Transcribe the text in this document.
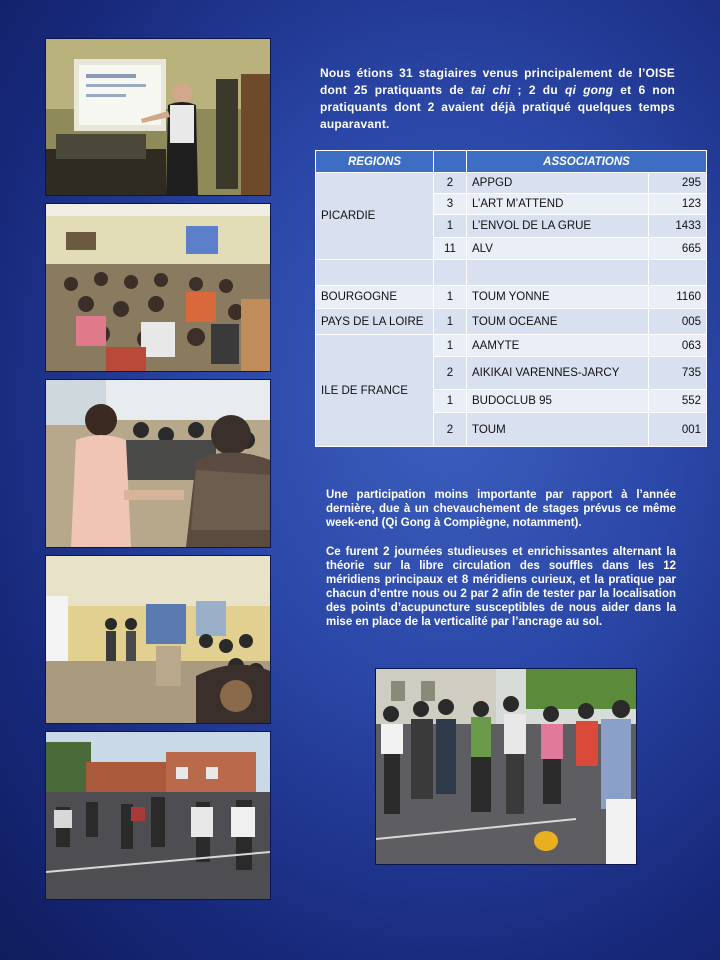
Nous étions 31 stagiaires venus principalement de l’OISE dont 25 pratiquants de tai chi ; 2 du qi gong et 6 non pratiquants dont 2 avaient déjà pratiqué quelques temps auparavant.
REGIONS		ASSOCIATIONS	
PICARDIE	2	APPGD	295
	3	L’ART M’ATTEND	123
	1	L’ENVOL DE LA GRUE	1433
	11	ALV	665

BOURGOGNE	1	TOUM YONNE	1160
PAYS DE LA LOIRE	1	TOUM OCEANE	005
ILE DE FRANCE	1	AAMYTE	063
	2	AIKIKAI VARENNES-JARCY	735
	1	BUDOCLUB 95	552
	2	TOUM	001
Une participation moins importante par rapport à l’année dernière, due à un chevauchement de stages prévus ce même week-end (Qi Gong à Compiègne, notamment).
Ce furent 2 journées studieuses et enrichissantes alternant la théorie sur la libre circulation des souffles dans les 12 méridiens principaux et 8 méridiens curieux, et la pratique par chacun d’entre nous ou 2 par 2 afin de tester par la localisation des points d’acupuncture susceptibles de nous aider dans la mise en place de la verticalité par l’ancrage au sol.
